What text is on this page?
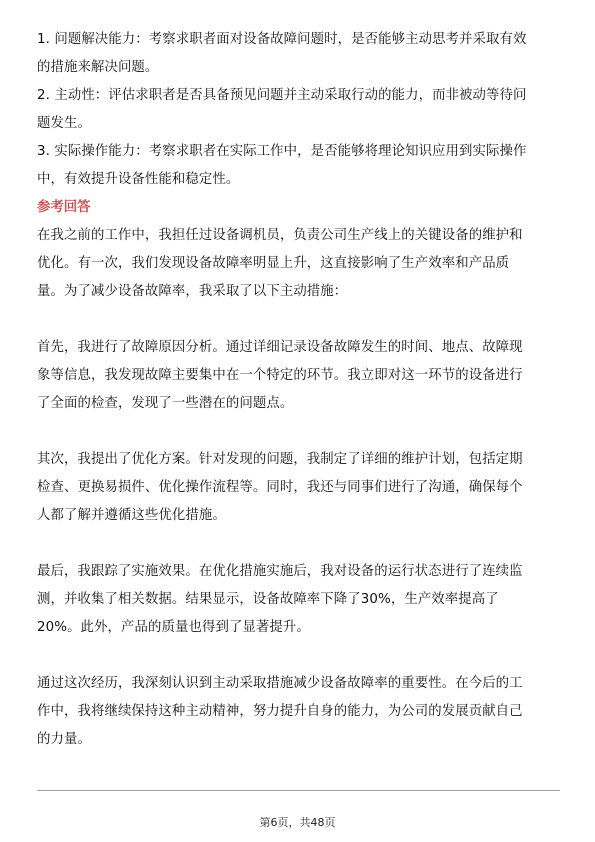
1. 问题解决能力：考察求职者面对设备故障问题时，是否能够主动思考并采取有效
的措施来解决问题。

2. 主动性：评估求职者是否具备预见问题并主动采取行动的能力，而非被动等待问
题发生。

3. 实际操作能力：考察求职者在实际工作中，是否能够将理论知识应用到实际操作
中，有效提升设备性能和稳定性。

参考回答

在我之前的工作中，我担任过设备调机员，负责公司生产线上的关键设备的维护和
优化。有一次，我们发现设备故障率明显上升，这直接影响了生产效率和产品质
量。为了减少设备故障率，我采取了以下主动措施：

首先，我进行了故障原因分析。通过详细记录设备故障发生的时间、地点、故障现
象等信息，我发现故障主要集中在一个特定的环节。我立即对这一环节的设备进行
了全面的检查，发现了一些潜在的问题点。

其次，我提出了优化方案。针对发现的问题，我制定了详细的维护计划，包括定期
检查、更换易损件、优化操作流程等。同时，我还与同事们进行了沟通，确保每个
人都了解并遵循这些优化措施。

最后，我跟踪了实施效果。在优化措施实施后，我对设备的运行状态进行了连续监
测，并收集了相关数据。结果显示，设备故障率下降了30%，生产效率提高了
20%。此外，产品的质量也得到了显著提升。

通过这次经历，我深刻认识到主动采取措施减少设备故障率的重要性。在今后的工
作中，我将继续保持这种主动精神，努力提升自身的能力，为公司的发展贡献自己
的力量。

第6页，共48页
